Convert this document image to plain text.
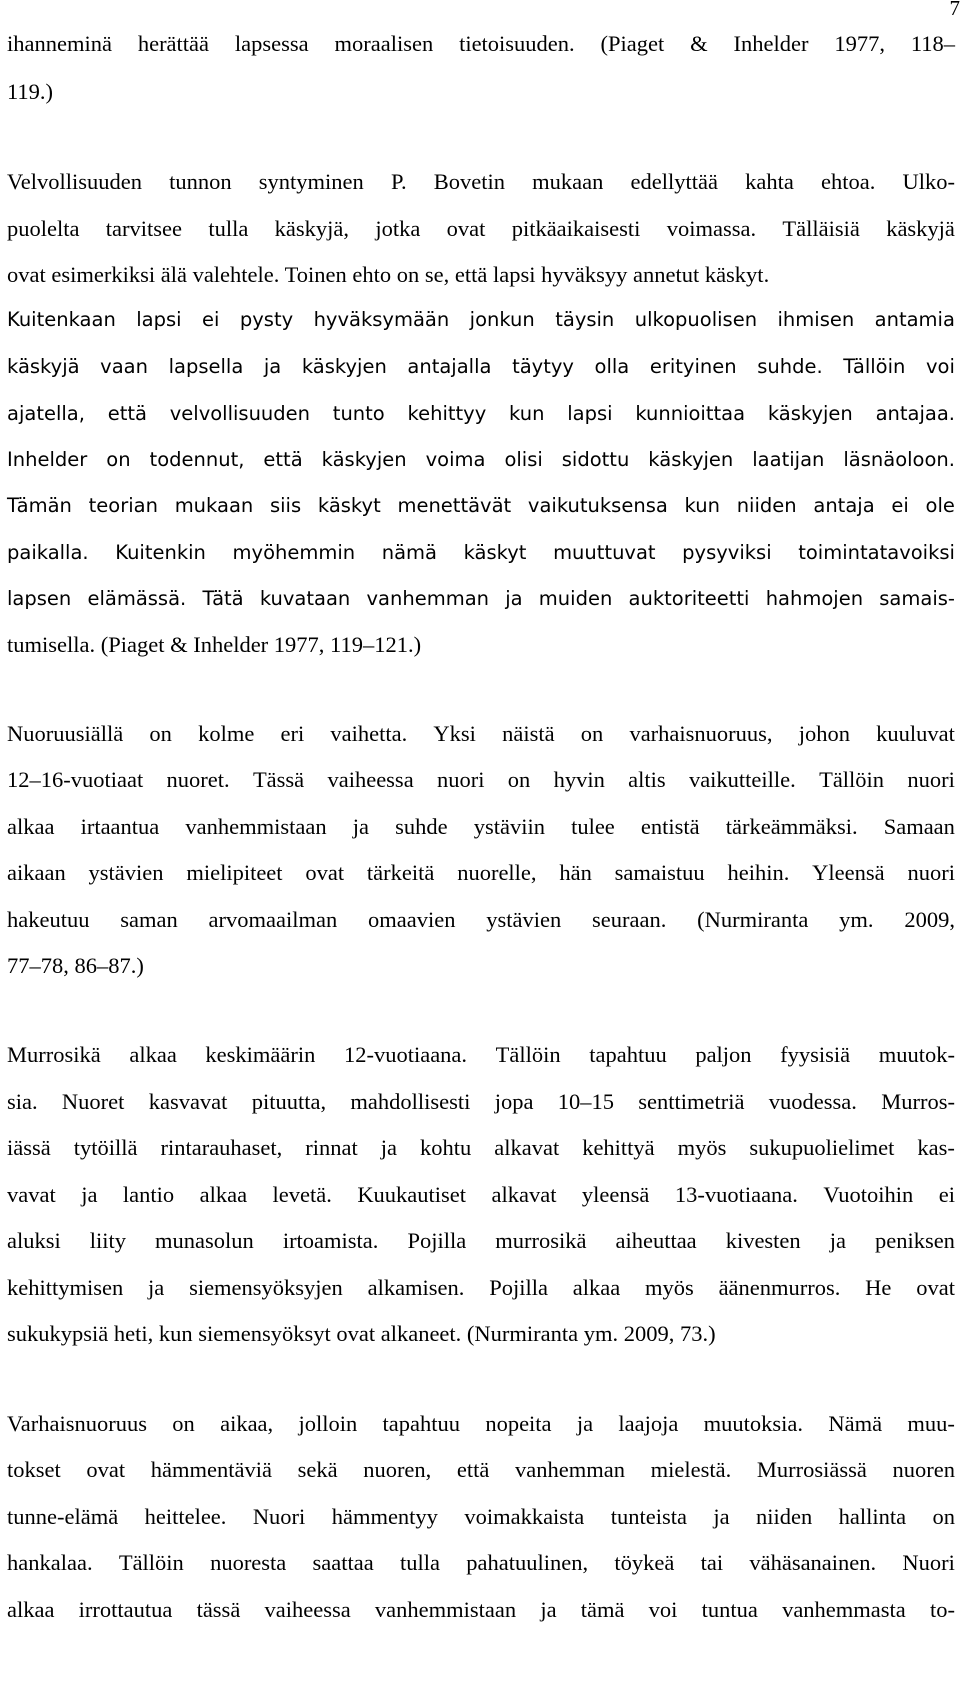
7
ihanneminä herättää lapsessa moraalisen tietoisuuden. (Piaget & Inhelder 1977, 118–
119.)
Velvollisuuden tunnon syntyminen P. Bovetin mukaan edellyttää kahta ehtoa. Ulko-
puolelta tarvitsee tulla käskyjä, jotka ovat pitkäaikaisesti voimassa. Tälläisiä käskyjä
ovat esimerkiksi älä valehtele. Toinen ehto on se, että lapsi hyväksyy annetut käskyt.
Kuitenkaan lapsi ei pysty hyväksymään jonkun täysin ulkopuolisen ihmisen antamia
käskyjä vaan lapsella ja käskyjen antajalla täytyy olla erityinen suhde. Tällöin voi
ajatella, että velvollisuuden tunto kehittyy kun lapsi kunnioittaa käskyjen antajaa.
Inhelder on todennut, että käskyjen voima olisi sidottu käskyjen laatijan läsnäoloon.
Tämän teorian mukaan siis käskyt menettävät vaikutuksensa kun niiden antaja ei ole
paikalla. Kuitenkin myöhemmin nämä käskyt muuttuvat pysyviksi toimintatavoiksi
lapsen elämässä. Tätä kuvataan vanhemman ja muiden auktoriteetti hahmojen samais-
tumisella. (Piaget & Inhelder 1977, 119–121.)
Nuoruusiällä on kolme eri vaihetta. Yksi näistä on varhaisnuoruus, johon kuuluvat
12–16-vuotiaat nuoret. Tässä vaiheessa nuori on hyvin altis vaikutteille. Tällöin nuori
alkaa irtaantua vanhemmistaan ja suhde ystäviin tulee entistä tärkeämmäksi. Samaan
aikaan ystävien mielipiteet ovat tärkeitä nuorelle, hän samaistuu heihin. Yleensä nuori
hakeutuu saman arvomaailman omaavien ystävien seuraan. (Nurmiranta ym. 2009,
77–78, 86–87.)
Murrosikä alkaa keskimäärin 12-vuotiaana. Tällöin tapahtuu paljon fyysisiä muutok-
sia. Nuoret kasvavat pituutta, mahdollisesti jopa 10–15 senttimetriä vuodessa. Murros-
iässä tytöillä rintarauhaset, rinnat ja kohtu alkavat kehittyä myös sukupuolielimet kas-
vavat ja lantio alkaa levetä. Kuukautiset alkavat yleensä 13-vuotiaana. Vuotoihin ei
aluksi liity munasolun irtoamista. Pojilla murrosikä aiheuttaa kivesten ja peniksen
kehittymisen ja siemensyöksyjen alkamisen. Pojilla alkaa myös äänenmurros. He ovat
sukukypsiä heti, kun siemensyöksyt ovat alkaneet. (Nurmiranta ym. 2009, 73.)
Varhaisnuoruus on aikaa, jolloin tapahtuu nopeita ja laajoja muutoksia. Nämä muu-
tokset ovat hämmentäviä sekä nuoren, että vanhemman mielestä. Murrosiässä nuoren
tunne-elämä heittelee. Nuori hämmentyy voimakkaista tunteista ja niiden hallinta on
hankalaa. Tällöin nuoresta saattaa tulla pahatuulinen, töykeä tai vähäsanainen. Nuori
alkaa irrottautua tässä vaiheessa vanhemmistaan ja tämä voi tuntua vanhemmasta to-
